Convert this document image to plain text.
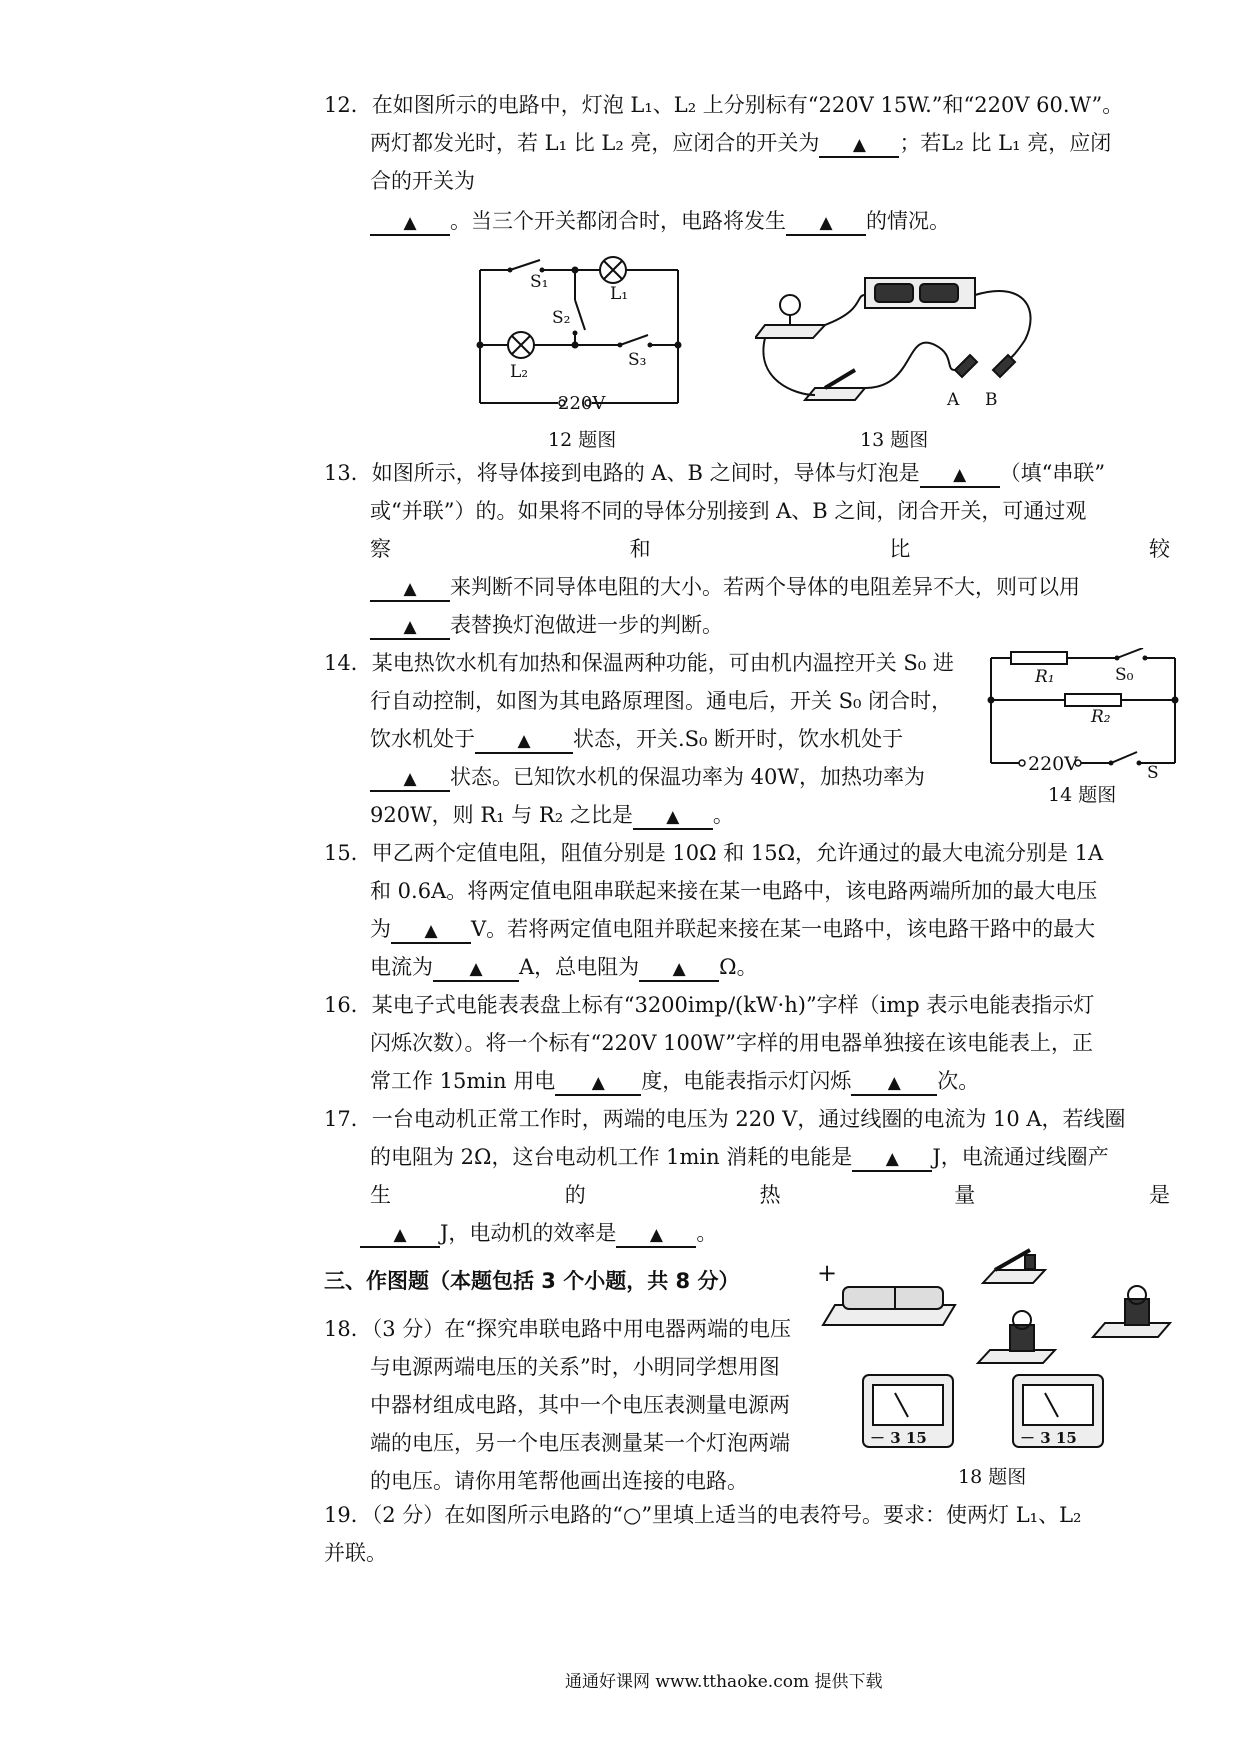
12．在如图所示的电路中，灯泡 L₁、L₂ 上分别标有“220V 15W.”和“220V 60.W”。
两灯都发光时，若 L₁ 比 L₂ 亮，应闭合的开关为 ▲ ；若L₂ 比 L₁ 亮，应闭
合的开关为
▲ 。当三个开关都闭合时，电路将发生 ▲ 的情况。
S₁
L₁
S₂
S₃
L₂
220V
12 题图
A B
13 题图
13．如图所示，将导体接到电路的 A、B 之间时，导体与灯泡是 ▲ （填“串联”
或“并联”）的。如果将不同的导体分别接到 A、B 之间，闭合开关，可通过观
察	和	比	较
▲ 来判断不同导体电阻的大小。若两个导体的电阻差异不大，则可以用
▲ 表替换灯泡做进一步的判断。
14．某电热饮水机有加热和保温两种功能，可由机内温控开关 S₀ 进
行自动控制，如图为其电路原理图。通电后，开关 S₀ 闭合时，
饮水机处于 ▲ 状态，开关.S₀ 断开时，饮水机处于
▲ 状态。已知饮水机的保温功率为 40W，加热功率为
920W，则 R₁ 与 R₂ 之比是 ▲ 。
R₁	S₀
R₂
220V	S
14 题图
15．甲乙两个定值电阻，阻值分别是 10Ω 和 15Ω，允许通过的最大电流分别是 1A
和 0.6A。将两定值电阻串联起来接在某一电路中，该电路两端所加的最大电压
为 ▲ V。若将两定值电阻并联起来接在某一电路中，该电路干路中的最大
电流为 ▲ A，总电阻为 ▲ Ω。
16．某电子式电能表表盘上标有“3200imp/(kW·h)”字样（imp 表示电能表指示灯
闪烁次数）。将一个标有“220V 100W”字样的用电器单独接在该电能表上，正
常工作 15min 用电 ▲ 度，电能表指示灯闪烁 ▲ 次。
17．一台电动机正常工作时，两端的电压为 220 V，通过线圈的电流为 10 A，若线圈
的电阻为 2Ω，这台电动机工作 1min 消耗的电能是 ▲ J，电流通过线圈产
生	的	热	量	是
▲ J，电动机的效率是 ▲ 。
三、作图题（本题包括 3 个小题，共 8 分）
18．（3 分）在“探究串联电路中用电器两端的电压
与电源两端电压的关系”时，小明同学想用图
中器材组成电路，其中一个电压表测量电源两
端的电压，另一个电压表测量某一个灯泡两端
的电压。请你用笔帮他画出连接的电路。
+
－ 3 15	－ 3 15
18 题图
19．（2 分）在如图所示电路的“○”里填上适当的电表符号。要求：使两灯 L₁、L₂
并联。
通通好课网 www.tthaoke.com 提供下载
